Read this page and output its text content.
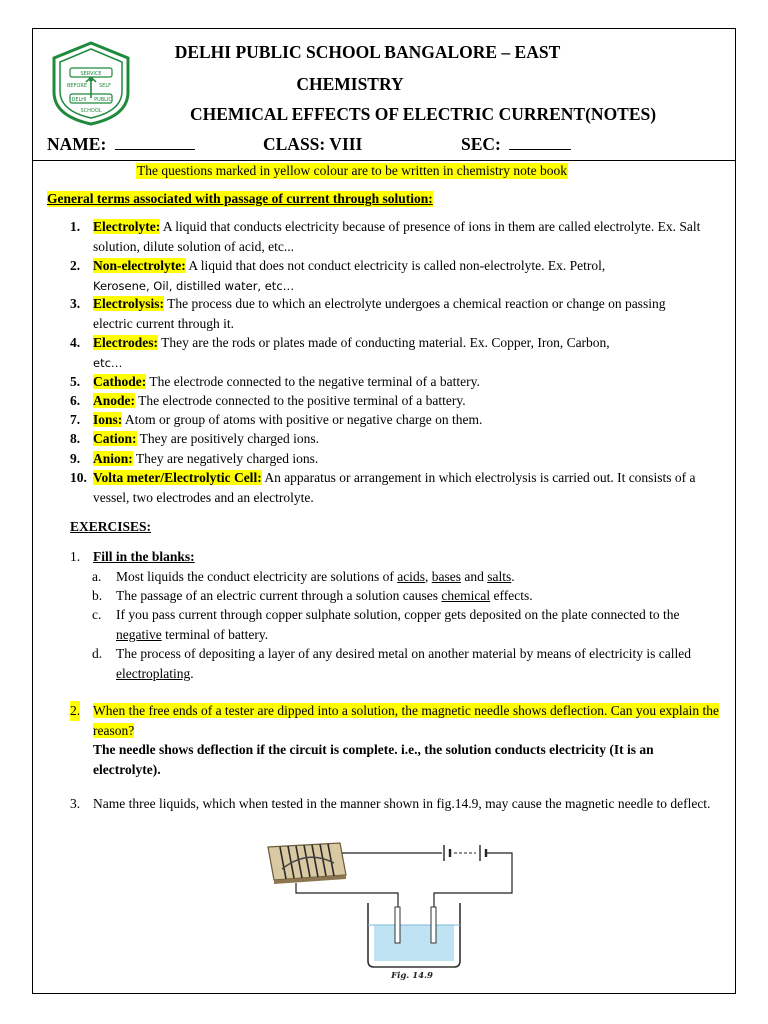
SERVICE
BEFORE SELF
DELHI PUBLIC
SCHOOL
DELHI PUBLIC SCHOOL BANGALORE – EAST
CHEMISTRY
CHEMICAL EFFECTS OF ELECTRIC CURRENT(NOTES)
NAME:	CLASS: VIII	SEC:
The questions marked in yellow colour are to be written in chemistry note book
General terms associated with passage of current through solution:
1. Electrolyte: A liquid that conducts electricity because of presence of ions in them are called electrolyte. Ex. Salt solution, dilute solution of acid, etc...
2. Non-electrolyte: A liquid that does not conduct electricity is called non-electrolyte. Ex. Petrol,
Kerosene, Oil, distilled water, etc…
3. Electrolysis: The process due to which an electrolyte undergoes a chemical reaction or change on passing electric current through it.
4. Electrodes: They are the rods or plates made of conducting material. Ex. Copper, Iron, Carbon,
etc…
5. Cathode: The electrode connected to the negative terminal of a battery.
6. Anode: The electrode connected to the positive terminal of a battery.
7. Ions: Atom or group of atoms with positive or negative charge on them.
8. Cation: They are positively charged ions.
9. Anion: They are negatively charged ions.
10. Volta meter/Electrolytic Cell: An apparatus or arrangement in which electrolysis is carried out. It consists of a vessel, two electrodes and an electrolyte.
EXERCISES:
1. Fill in the blanks:
a. Most liquids the conduct electricity are solutions of acids, bases and salts.
b. The passage of an electric current through a solution causes chemical effects.
c. If you pass current through copper sulphate solution, copper gets deposited on the plate connected to the negative terminal of battery.
d. The process of depositing a layer of any desired metal on another material by means of electricity is called electroplating.
2. When the free ends of a tester are dipped into a solution, the magnetic needle shows deflection. Can you explain the reason?
The needle shows deflection if the circuit is complete. i.e., the solution conducts electricity (It is an electrolyte).
3. Name three liquids, which when tested in the manner shown in fig.14.9, may cause the magnetic needle to deflect.
Fig. 14.9
